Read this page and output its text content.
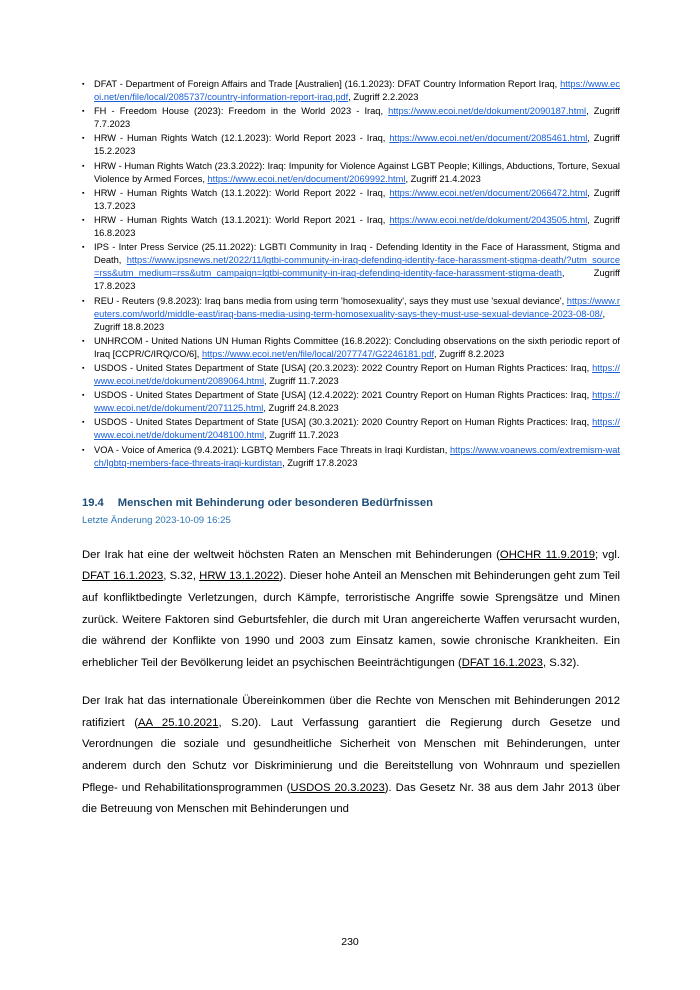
▪ DFAT - Department of Foreign Affairs and Trade [Australien] (16.1.2023): DFAT Country Information Report Iraq, https://www.ecoi.net/en/file/local/2085737/country-information-report-iraq.pdf, Zugriff 2.2.2023
▪ FH - Freedom House (2023): Freedom in the World 2023 - Iraq, https://www.ecoi.net/de/dokument/2090187.html, Zugriff 7.7.2023
▪ HRW - Human Rights Watch (12.1.2023): World Report 2023 - Iraq, https://www.ecoi.net/en/document/2085461.html, Zugriff 15.2.2023
▪ HRW - Human Rights Watch (23.3.2022): Iraq: Impunity for Violence Against LGBT People; Killings, Abductions, Torture, Sexual Violence by Armed Forces, https://www.ecoi.net/en/document/2069992.html, Zugriff 21.4.2023
▪ HRW - Human Rights Watch (13.1.2022): World Report 2022 - Iraq, https://www.ecoi.net/en/document/2066472.html, Zugriff 13.7.2023
▪ HRW - Human Rights Watch (13.1.2021): World Report 2021 - Iraq, https://www.ecoi.net/de/dokument/2043505.html, Zugriff 16.8.2023
▪ IPS - Inter Press Service (25.11.2022): LGBTI Community in Iraq - Defending Identity in the Face of Harassment, Stigma and Death, https://www.ipsnews.net/2022/11/lgtbi-community-in-iraq-defending-identity-face-harassment-stigma-death/?utm_source=rss&utm_medium=rss&utm_campaign=lgtbi-community-in-iraq-defending-identity-face-harassment-stigma-death, Zugriff 17.8.2023
▪ REU - Reuters (9.8.2023): Iraq bans media from using term 'homosexuality', says they must use 'sexual deviance', https://www.reuters.com/world/middle-east/iraq-bans-media-using-term-homosexuality-says-they-must-use-sexual-deviance-2023-08-08/, Zugriff 18.8.2023
▪ UNHRCOM - United Nations UN Human Rights Committee (16.8.2022): Concluding observations on the sixth periodic report of Iraq [CCPR/C/IRQ/CO/6], https://www.ecoi.net/en/file/local/2077747/G2246181.pdf, Zugriff 8.2.2023
▪ USDOS - United States Department of State [USA] (20.3.2023): 2022 Country Report on Human Rights Practices: Iraq, https://www.ecoi.net/de/dokument/2089064.html, Zugriff 11.7.2023
▪ USDOS - United States Department of State [USA] (12.4.2022): 2021 Country Report on Human Rights Practices: Iraq, https://www.ecoi.net/de/dokument/2071125.html, Zugriff 24.8.2023
▪ USDOS - United States Department of State [USA] (30.3.2021): 2020 Country Report on Human Rights Practices: Iraq, https://www.ecoi.net/de/dokument/2048100.html, Zugriff 11.7.2023
▪ VOA - Voice of America (9.4.2021): LGBTQ Members Face Threats in Iraqi Kurdistan, https://www.voanews.com/extremism-watch/lgbtq-members-face-threats-iraqi-kurdistan, Zugriff 17.8.2023
19.4 Menschen mit Behinderung oder besonderen Bedürfnissen
Letzte Änderung 2023-10-09 16:25
Der Irak hat eine der weltweit höchsten Raten an Menschen mit Behinderungen (OHCHR 11.9.2019; vgl. DFAT 16.1.2023, S.32, HRW 13.1.2022). Dieser hohe Anteil an Menschen mit Behinderungen geht zum Teil auf konfliktbedingte Verletzungen, durch Kämpfe, terroristische Angriffe sowie Sprengsätze und Minen zurück. Weitere Faktoren sind Geburtsfehler, die durch mit Uran angereicherte Waffen verursacht wurden, die während der Konflikte von 1990 und 2003 zum Einsatz kamen, sowie chronische Krankheiten. Ein erheblicher Teil der Bevölkerung leidet an psychischen Beeinträchtigungen (DFAT 16.1.2023, S.32).
Der Irak hat das internationale Übereinkommen über die Rechte von Menschen mit Behinderungen 2012 ratifiziert (AA 25.10.2021, S.20). Laut Verfassung garantiert die Regierung durch Gesetze und Verordnungen die soziale und gesundheitliche Sicherheit von Menschen mit Behinderungen, unter anderem durch den Schutz vor Diskriminierung und die Bereitstellung von Wohnraum und speziellen Pflege- und Rehabilitationsprogrammen (USDOS 20.3.2023). Das Gesetz Nr. 38 aus dem Jahr 2013 über die Betreuung von Menschen mit Behinderungen und
230
